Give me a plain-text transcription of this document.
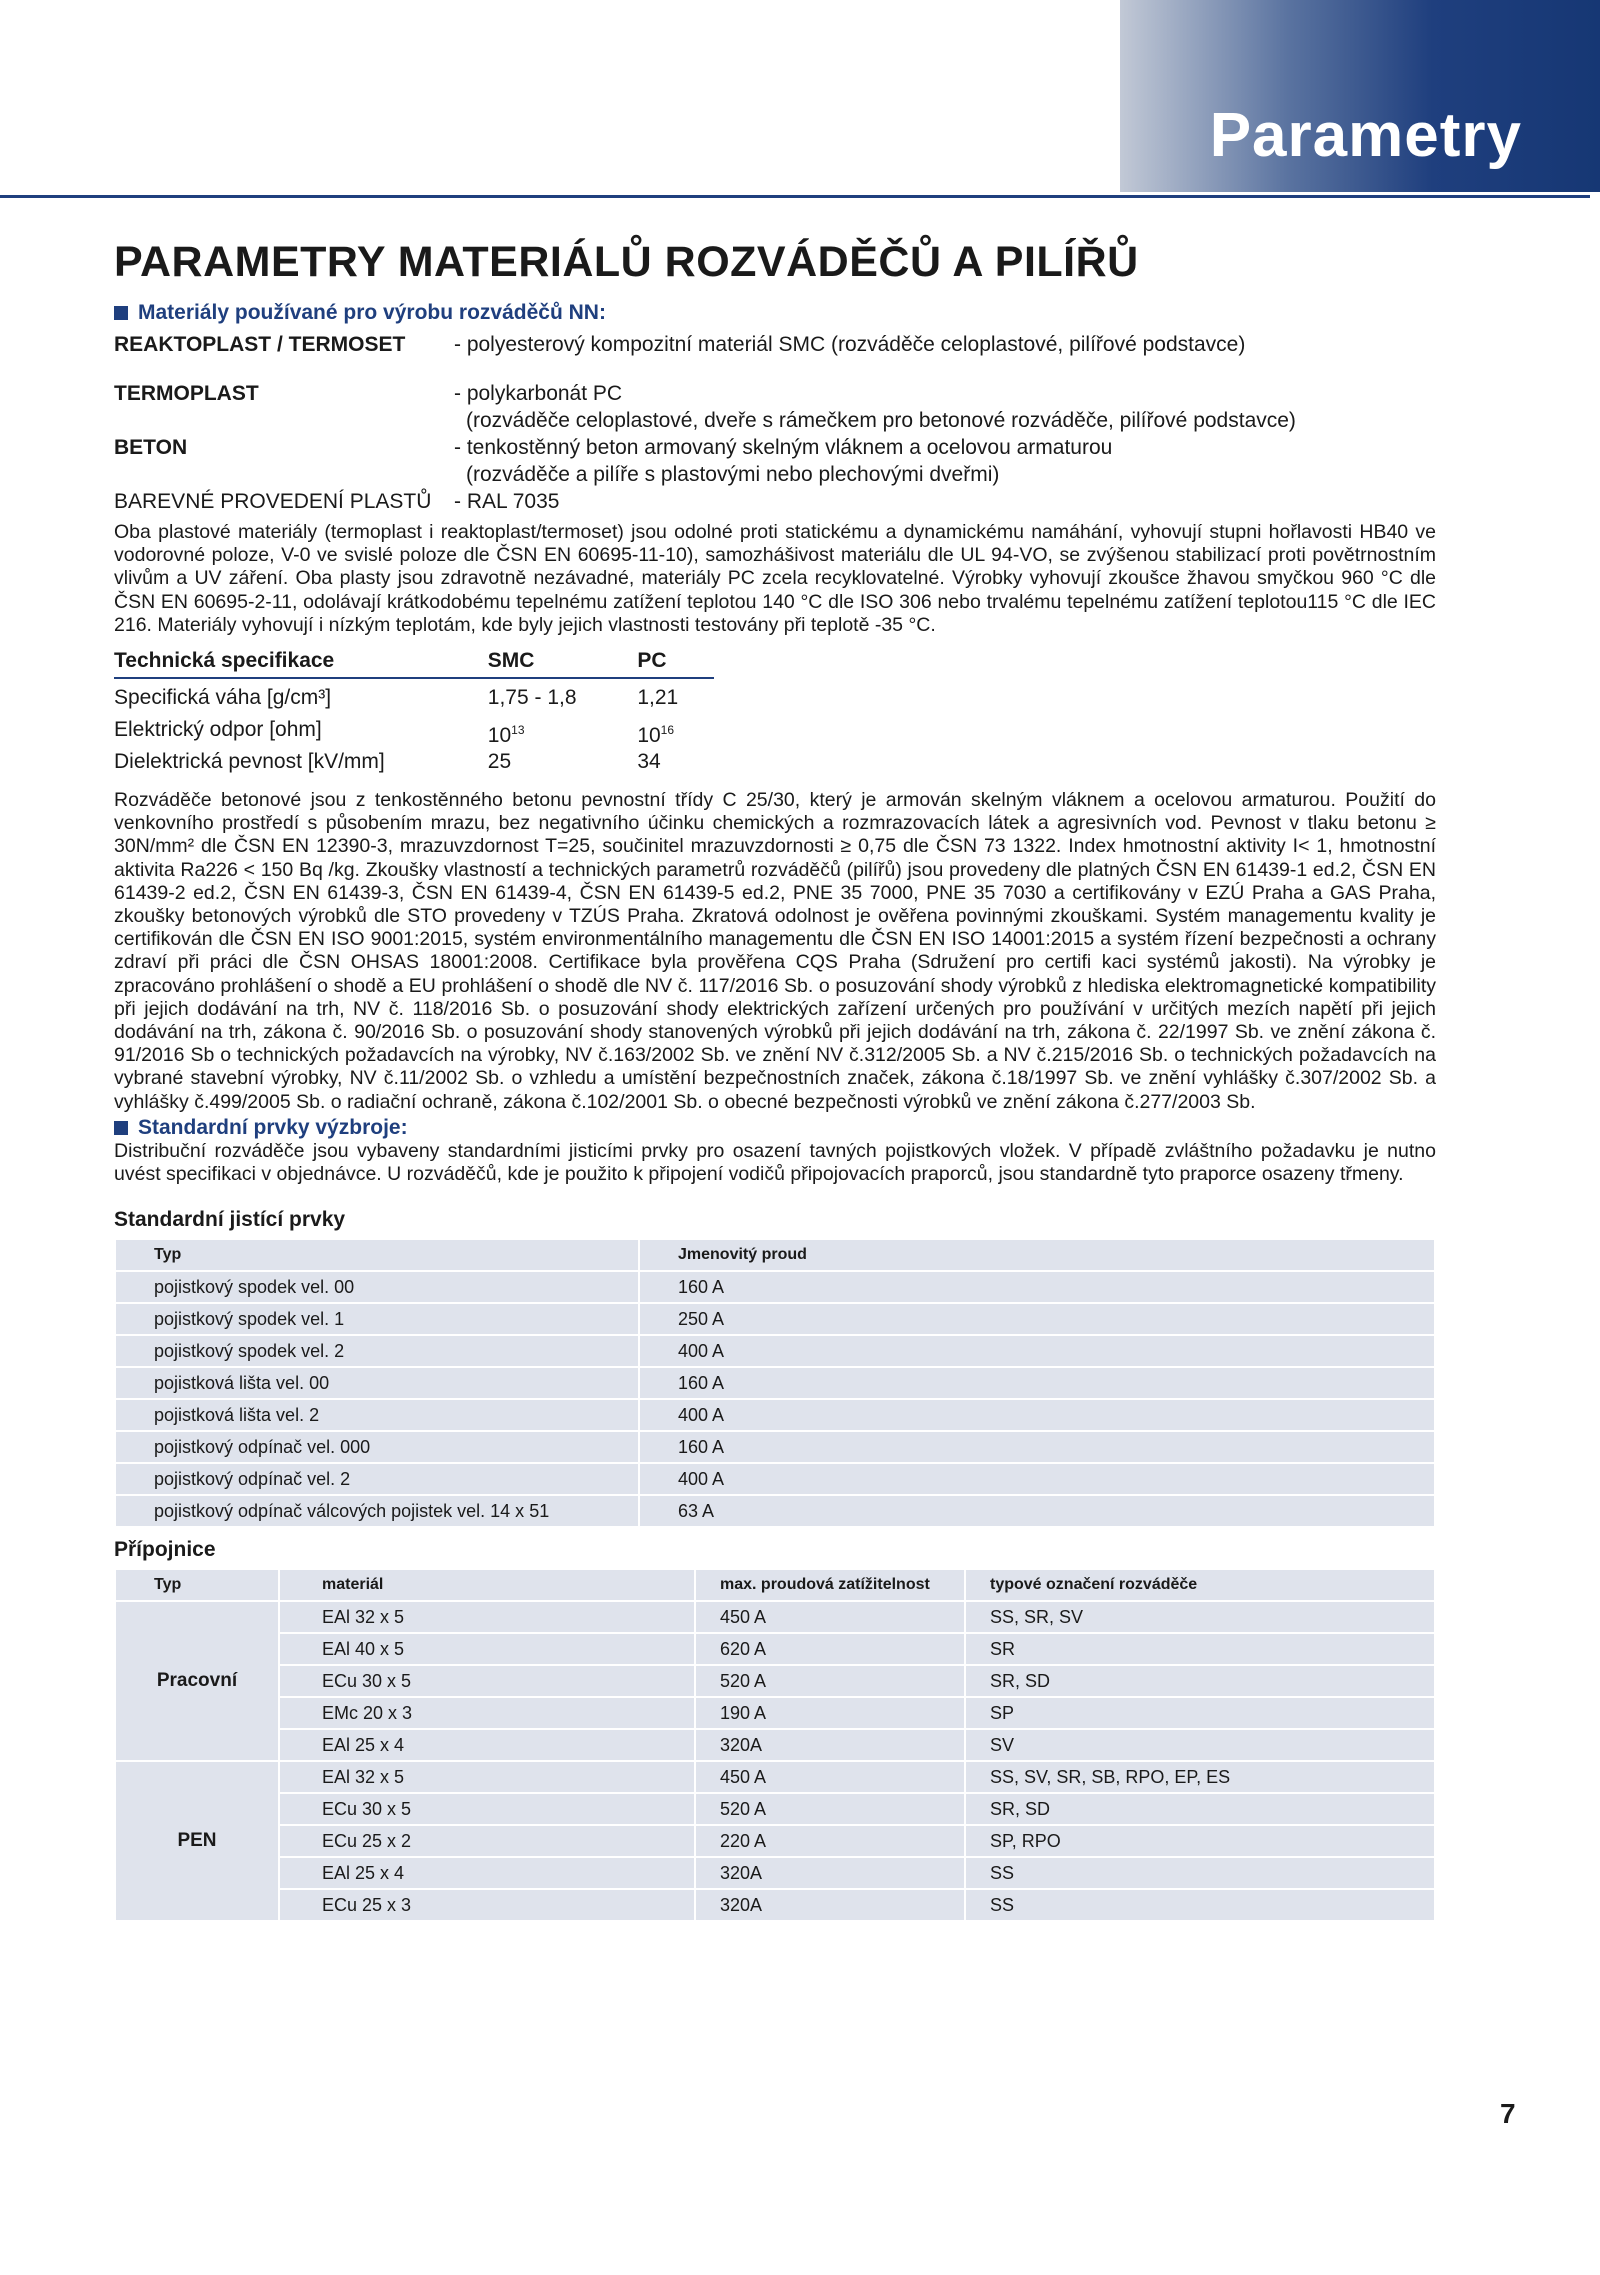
Parametry
PARAMETRY MATERIÁLŮ ROZVÁDĚČŮ A PILÍŘŮ
Materiály používané pro výrobu rozváděčů NN:
REAKTOPLAST / TERMOSET	- polyesterový kompozitní materiál SMC (rozváděče celoplastové, pilířové podstavce)
TERMOPLAST	- polykarbonát PC
(rozváděče celoplastové, dveře s rámečkem pro betonové rozváděče, pilířové podstavce)
BETON	- tenkostěnný beton armovaný skelným vláknem a ocelovou armaturou
(rozváděče a pilíře s plastovými nebo plechovými dveřmi)
BAREVNÉ PROVEDENÍ PLASTŮ	- RAL 7035

Oba plastové materiály (termoplast i reaktoplast/termoset) jsou odolné proti statickému a dynamickému namáhání, vyhovují stupni hořlavosti HB40 ve vodorovné poloze, V-0 ve svislé poloze dle ČSN EN 60695-11-10), samozhášivost materiálu dle UL 94-VO, se zvýšenou stabilizací proti povětrnostním vlivům a UV záření. Oba plasty jsou zdravotně nezávadné, materiály PC zcela recyklovatelné. Výrobky vyhovují zkoušce žhavou smyčkou 960 °C dle ČSN EN 60695-2-11, odolávají krátkodobému tepelnému zatížení teplotou 140 °C dle ISO 306 nebo trvalému tepelnému zatížení teplotou115 °C dle IEC 216. Materiály vyhovují i nízkým teplotám, kde byly jejich vlastnosti testovány při teplotě -35 °C.

Technická specifikace	SMC	PC
Specifická váha [g/cm³]	1,75 - 1,8	1,21
Elektrický odpor [ohm]	$10^{13}$	$10^{16}$
Dielektrická pevnost [kV/mm]	25	34

Rozváděče betonové jsou z tenkostěnného betonu pevnostní třídy C 25/30, který je armován skelným vláknem a ocelovou armaturou. Použití do venkovního prostředí s působením mrazu, bez negativního účinku chemických a rozmrazovacích látek a agresivních vod. Pevnost v tlaku betonu ≥ 30N/mm² dle ČSN EN 12390-3, mrazuvzdornost T=25, součinitel mrazuvzdornosti ≥ 0,75 dle ČSN 73 1322. Index hmotnostní aktivity I< 1, hmotnostní aktivita Ra226 < 150 Bq /kg. Zkoušky vlastností a technických parametrů rozváděčů (pilířů) jsou provedeny dle platných ČSN EN 61439-1 ed.2, ČSN EN 61439-2 ed.2, ČSN EN 61439-3, ČSN EN 61439-4, ČSN EN 61439-5 ed.2, PNE 35 7000, PNE 35 7030 a certifikovány v EZÚ Praha a GAS Praha, zkoušky betonových výrobků dle STO provedeny v TZÚS Praha. Zkratová odolnost je ověřena povinnými zkouškami. Systém managementu kvality je certifikován dle ČSN EN ISO 9001:2015, systém environmentálního managementu dle ČSN EN ISO 14001:2015 a systém řízení bezpečnosti a ochrany zdraví při práci dle ČSN OHSAS 18001:2008. Certifikace byla prověřena CQS Praha (Sdružení pro certifi kaci systémů jakosti). Na výrobky je zpracováno prohlášení o shodě a EU prohlášení o shodě dle NV č. 117/2016 Sb. o posuzování shody výrobků z hlediska elektromagnetické kompatibility při jejich dodávání na trh, NV č. 118/2016 Sb. o posuzování shody elektrických zařízení určených pro používání v určitých mezích napětí při jejich dodávání na trh, zákona č. 90/2016 Sb. o posuzování shody stanovených výrobků při jejich dodávání na trh, zákona č. 22/1997 Sb. ve znění zákona č. 91/2016 Sb o technických požadavcích na výrobky, NV č.163/2002 Sb. ve znění NV č.312/2005 Sb. a NV č.215/2016 Sb. o technických požadavcích na vybrané stavební výrobky, NV č.11/2002 Sb. o vzhledu a umístění bezpečnostních značek, zákona č.18/1997 Sb. ve znění vyhlášky č.307/2002 Sb. a vyhlášky č.499/2005 Sb. o radiační ochraně, zákona č.102/2001 Sb. o obecné bezpečnosti výrobků ve znění zákona č.277/2003 Sb.

Standardní prvky výzbroje:

Distribuční rozváděče jsou vybaveny standardními jisticími prvky pro osazení tavných pojistkových vložek. V případě zvláštního požadavku je nutno uvést specifikaci v objednávce. U rozváděčů, kde je použito k připojení vodičů připojovacích praporců, jsou standardně tyto praporce osazeny třmeny.

Standardní jistící prvky
Typ	Jmenovitý proud
pojistkový spodek vel. 00	160 A
pojistkový spodek vel. 1	250 A
pojistkový spodek vel. 2	400 A
pojistková lišta vel. 00	160 A
pojistková lišta vel. 2	400 A
pojistkový odpínač vel. 000	160 A
pojistkový odpínač vel. 2	400 A
pojistkový odpínač válcových pojistek vel. 14 x 51	63 A
Přípojnice
Typ	materiál	max. proudová zatížitelnost	typové označení rozváděče
Pracovní	EAl 32 x 5	450 A	SS, SR, SV
	EAl 40 x 5	620 A	SR
	ECu 30 x 5	520 A	SR, SD
	EMc 20 x 3	190 A	SP
	EAl 25 x 4	320A	SV
PEN	EAl 32 x 5	450 A	SS, SV, SR, SB, RPO, EP, ES
	ECu 30 x 5	520 A	SR, SD
	ECu 25 x 2	220 A	SP, RPO
	EAl 25 x 4	320A	SS
	ECu 25 x 3	320A	SS
7
